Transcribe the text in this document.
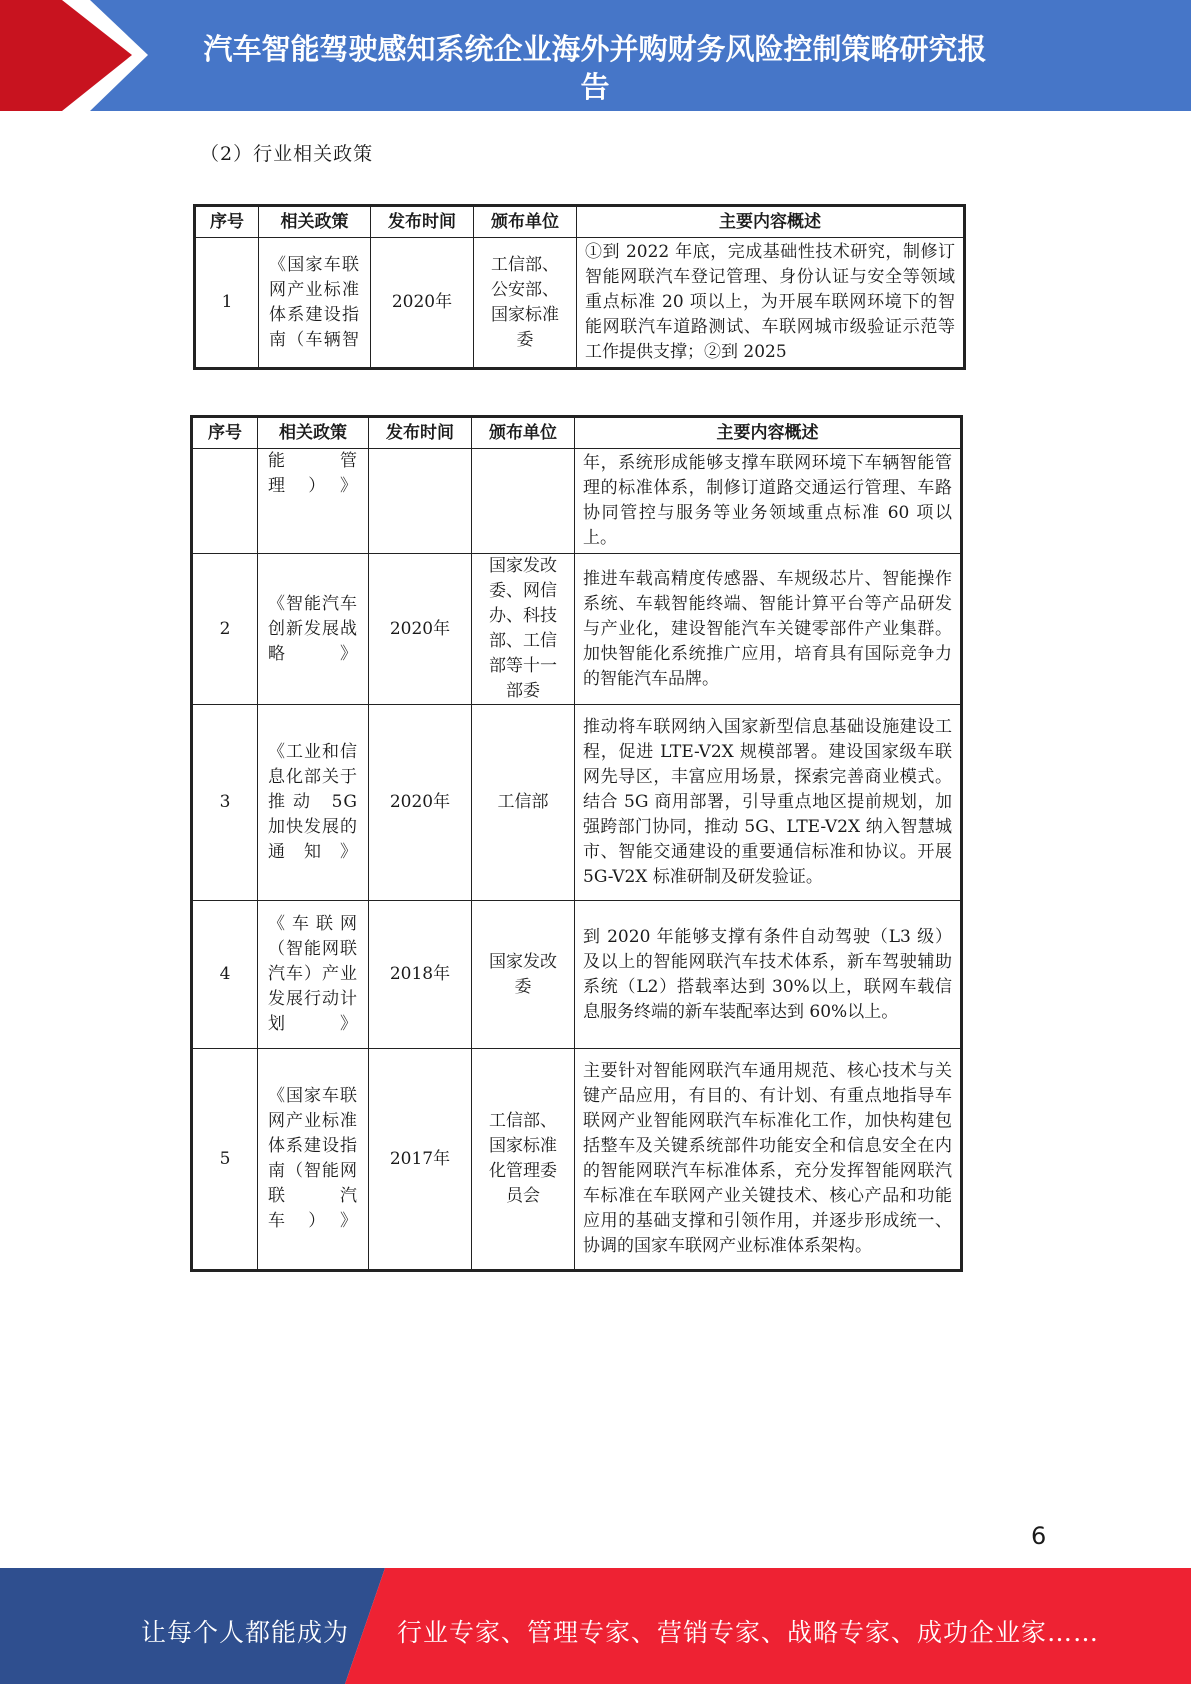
汽车智能驾驶感知系统企业海外并购财务风险控制策略研究报
告
（2）行业相关政策
序号	相关政策	发布时间	颁布单位	主要内容概述
1	《国家车联网产业标准体系建设指南（车辆智	2020年	工信部、公安部、国家标准委	①到 2022 年底，完成基础性技术研究，制修订智能网联汽车登记管理、身份认证与安全等领域重点标准 20 项以上，为开展车联网环境下的智能网联汽车道路测试、车联网城市级验证示范等工作提供支撑；②到 2025
序号	相关政策	发布时间	颁布单位	主要内容概述
	能　　管理）》			年，系统形成能够支撑车联网环境下车辆智能管理的标准体系，制修订道路交通运行管理、车路协同管控与服务等业务领域重点标准 60 项以上。
2	《智能汽车创新发展战略》	2020年	国家发改委、网信办、科技部、工信部等十一部委	推进车载高精度传感器、车规级芯片、智能操作系统、车载智能终端、智能计算平台等产品研发与产业化，建设智能汽车关键零部件产业集群。加快智能化系统推广应用，培育具有国际竞争力的智能汽车品牌。
3	《工业和信息化部关于推动 5G 加快发展的通知》	2020年	工信部	推动将车联网纳入国家新型信息基础设施建设工程，促进 LTE-V2X 规模部署。建设国家级车联网先导区，丰富应用场景，探索完善商业模式。结合 5G 商用部署，引导重点地区提前规划，加强跨部门协同，推动 5G、LTE-V2X 纳入智慧城市、智能交通建设的重要通信标准和协议。开展 5G-V2X 标准研制及研发验证。
4	《车联网（智能网联汽车）产业发展行动计划》	2018年	国家发改委	到 2020 年能够支撑有条件自动驾驶（L3 级）及以上的智能网联汽车技术体系，新车驾驶辅助系统（L2）搭载率达到 30%以上，联网车载信息服务终端的新车装配率达到 60%以上。
5	《国家车联网产业标准体系建设指南（智能网联　汽车）》	2017年	工信部、国家标准化管理委员会	主要针对智能网联汽车通用规范、核心技术与关键产品应用，有目的、有计划、有重点地指导车联网产业智能网联汽车标准化工作，加快构建包括整车及关键系统部件功能安全和信息安全在内的智能网联汽车标准体系，充分发挥智能网联汽车标准在车联网产业关键技术、核心产品和功能应用的基础支撑和引领作用，并逐步形成统一、协调的国家车联网产业标准体系架构。
6
让每个人都能成为 行业专家、管理专家、营销专家、战略专家、成功企业家……
